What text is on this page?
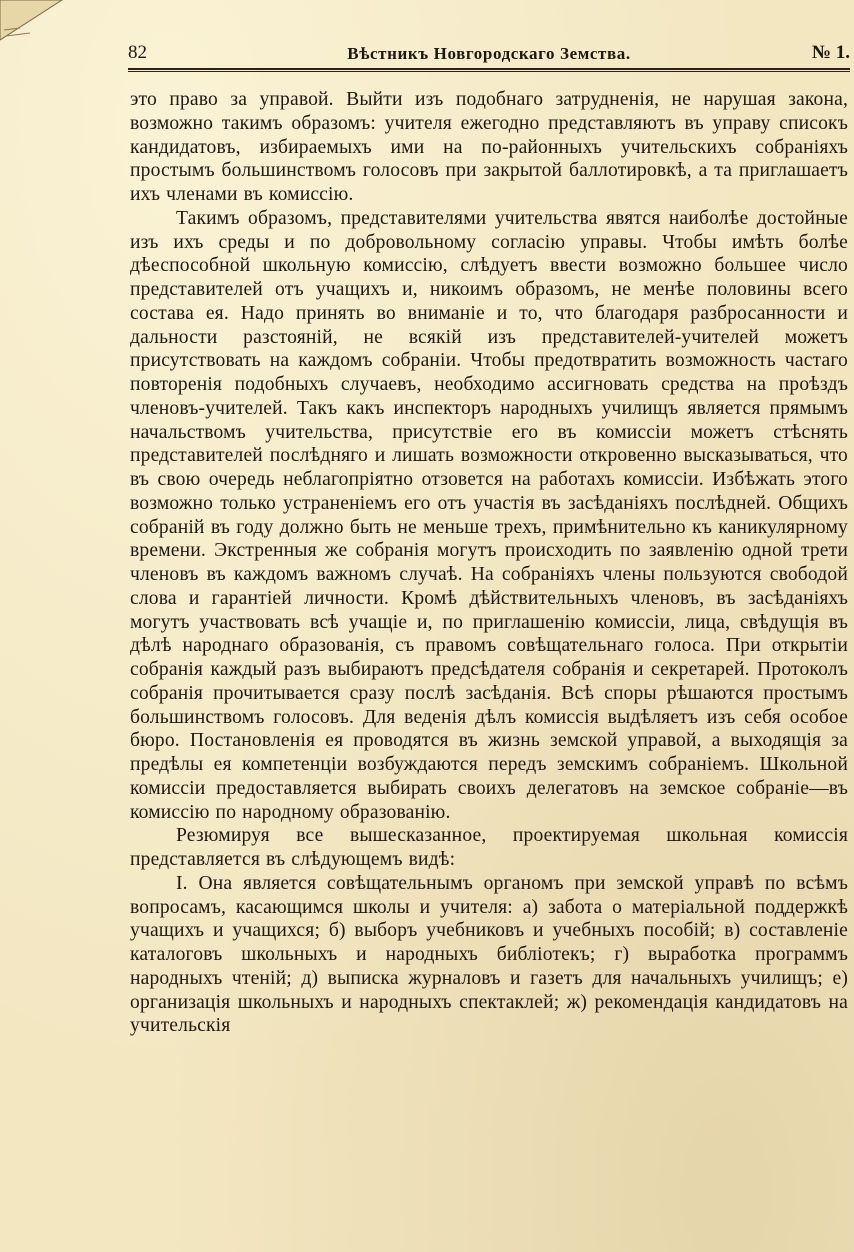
82	Вѣстникъ Новгородскаго Земства.	№ 1.

это право за управой. Выйти изъ подобнаго затрудненія, не нарушая закона, возможно такимъ образомъ: учителя ежегодно представляютъ въ управу списокъ кандидатовъ, избираемыхъ ими на по-районныхъ учительскихъ собраніяхъ простымъ большинствомъ голосовъ при закрытой баллотировкѣ, а та приглашаетъ ихъ членами въ комиссію.

Такимъ образомъ, представителями учительства явятся наиболѣе достойные изъ ихъ среды и по добровольному согласію управы. Чтобы имѣть болѣе дѣеспособной школьную комиссію, слѣдуетъ ввести возможно большее число представителей отъ учащихъ и, никоимъ образомъ, не менѣе половины всего состава ея. Надо принять во вниманіе и то, что благодаря разбросанности и дальности разстояній, не всякій изъ представителей-учителей можетъ присутствовать на каждомъ собраніи. Чтобы предотвратить возможность частаго повторенія подобныхъ случаевъ, необходимо ассигновать средства на проѣздъ членовъ-учителей. Такъ какъ инспекторъ народныхъ училищъ является прямымъ начальствомъ учительства, присутствіе его въ комиссіи можетъ стѣснять представителей послѣдняго и лишать возможности откровенно высказываться, что въ свою очередь неблагопріятно отзовется на работахъ комиссіи. Избѣжать этого возможно только устраненіемъ его отъ участія въ засѣданіяхъ послѣдней. Общихъ собраній въ году должно быть не меньше трехъ, примѣнительно къ каникулярному времени. Экстренныя же собранія могутъ происходить по заявленію одной трети членовъ въ каждомъ важномъ случаѣ. На собраніяхъ члены пользуются свободой слова и гарантіей личности. Кромѣ дѣйствительныхъ членовъ, въ засѣданіяхъ могутъ участвовать всѣ учащіе и, по приглашенію комиссіи, лица, свѣдущія въ дѣлѣ народнаго образованія, съ правомъ совѣщательнаго голоса. При открытіи собранія каждый разъ выбираютъ предсѣдателя собранія и секретарей. Протоколъ собранія прочитывается сразу послѣ засѣданія. Всѣ споры рѣшаются простымъ большинствомъ голосовъ. Для веденія дѣлъ комиссія выдѣляетъ изъ себя особое бюро. Постановленія ея проводятся въ жизнь земской управой, а выходящія за предѣлы ея компетенціи возбуждаются передъ земскимъ собраніемъ. Школьной комиссіи предоставляется выбирать своихъ делегатовъ на земское собраніе—въ комиссію по народному образованію.

Резюмируя все вышесказанное, проектируемая школьная комиссія представляется въ слѣдующемъ видѣ:

I. Она является совѣщательнымъ органомъ при земской управѣ по всѣмъ вопросамъ, касающимся школы и учителя: а) забота о матеріальной поддержкѣ учащихъ и учащихся; б) выборъ учебниковъ и учебныхъ пособій; в) составленіе каталоговъ школьныхъ и народныхъ библіотекъ; г) выработка программъ народныхъ чтеній; д) выписка журналовъ и газетъ для начальныхъ училищъ; е) организація школьныхъ и народныхъ спектаклей; ж) рекомендація кандидатовъ на учительскія
